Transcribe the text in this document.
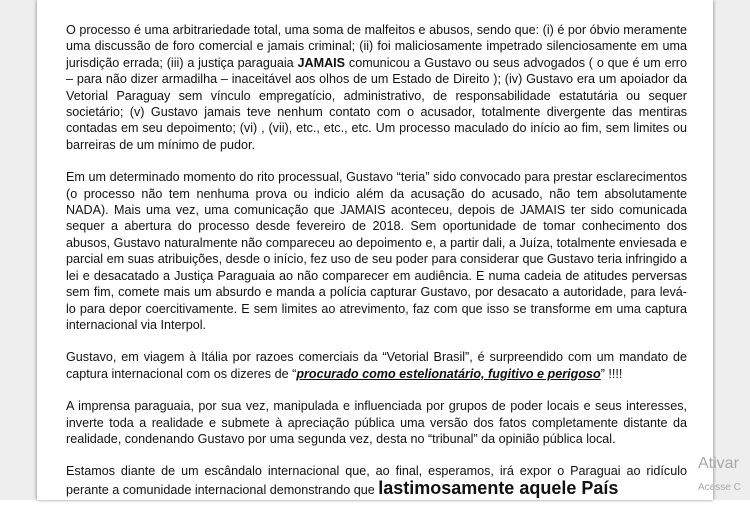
O processo é uma arbitrariedade total, uma soma de malfeitos e abusos, sendo que: (i) é por óbvio meramente uma discussão de foro comercial e jamais criminal; (ii) foi maliciosamente impetrado silenciosamente em uma jurisdição errada; (iii) a justiça paraguaia JAMAIS comunicou a Gustavo ou seus advogados ( o que é um erro – para não dizer armadilha – inaceitável aos olhos de um Estado de Direito ); (iv) Gustavo era um apoiador da Vetorial Paraguay sem vínculo empregatício, administrativo, de responsabilidade estatutária ou sequer societário; (v) Gustavo jamais teve nenhum contato com o acusador, totalmente divergente das mentiras contadas em seu depoimento; (vi) , (vii), etc., etc., etc. Um processo maculado do início ao fim, sem limites ou barreiras de um mínimo de pudor.

Em um determinado momento do rito processual, Gustavo “teria” sido convocado para prestar esclarecimentos (o processo não tem nenhuma prova ou indicio além da acusação do acusado, não tem absolutamente NADA). Mais uma vez, uma comunicação que JAMAIS aconteceu, depois de JAMAIS ter sido comunicada sequer a abertura do processo desde fevereiro de 2018. Sem oportunidade de tomar conhecimento dos abusos, Gustavo naturalmente não compareceu ao depoimento e, a partir dali, a Juíza, totalmente enviesada e parcial em suas atribuições, desde o início, fez uso de seu poder para considerar que Gustavo teria infringido a lei e desacatado a Justiça Paraguaia ao não comparecer em audiência. E numa cadeia de atitudes perversas sem fim, comete mais um absurdo e manda a polícia capturar Gustavo, por desacato a autoridade, para levá-lo para depor coercitivamente. E sem limites ao atrevimento, faz com que isso se transforme em uma captura internacional via Interpol.

Gustavo, em viagem à Itália por razoes comerciais da “Vetorial Brasil”, é surpreendido com um mandato de captura internacional com os dizeres de “procurado como estelionatário, fugitivo e perigoso” !!!!

A imprensa paraguaia, por sua vez, manipulada e influenciada por grupos de poder locais e seus interesses, inverte toda a realidade e submete à apreciação pública uma versão dos fatos completamente distante da realidade, condenando Gustavo por uma segunda vez, desta no “tribunal” da opinião pública local.

Estamos diante de um escândalo internacional que, ao final, esperamos, irá expor o Paraguai ao ridículo perante a comunidade internacional demonstrando que lastimosamente aquele País

Ativar
Acesse C
